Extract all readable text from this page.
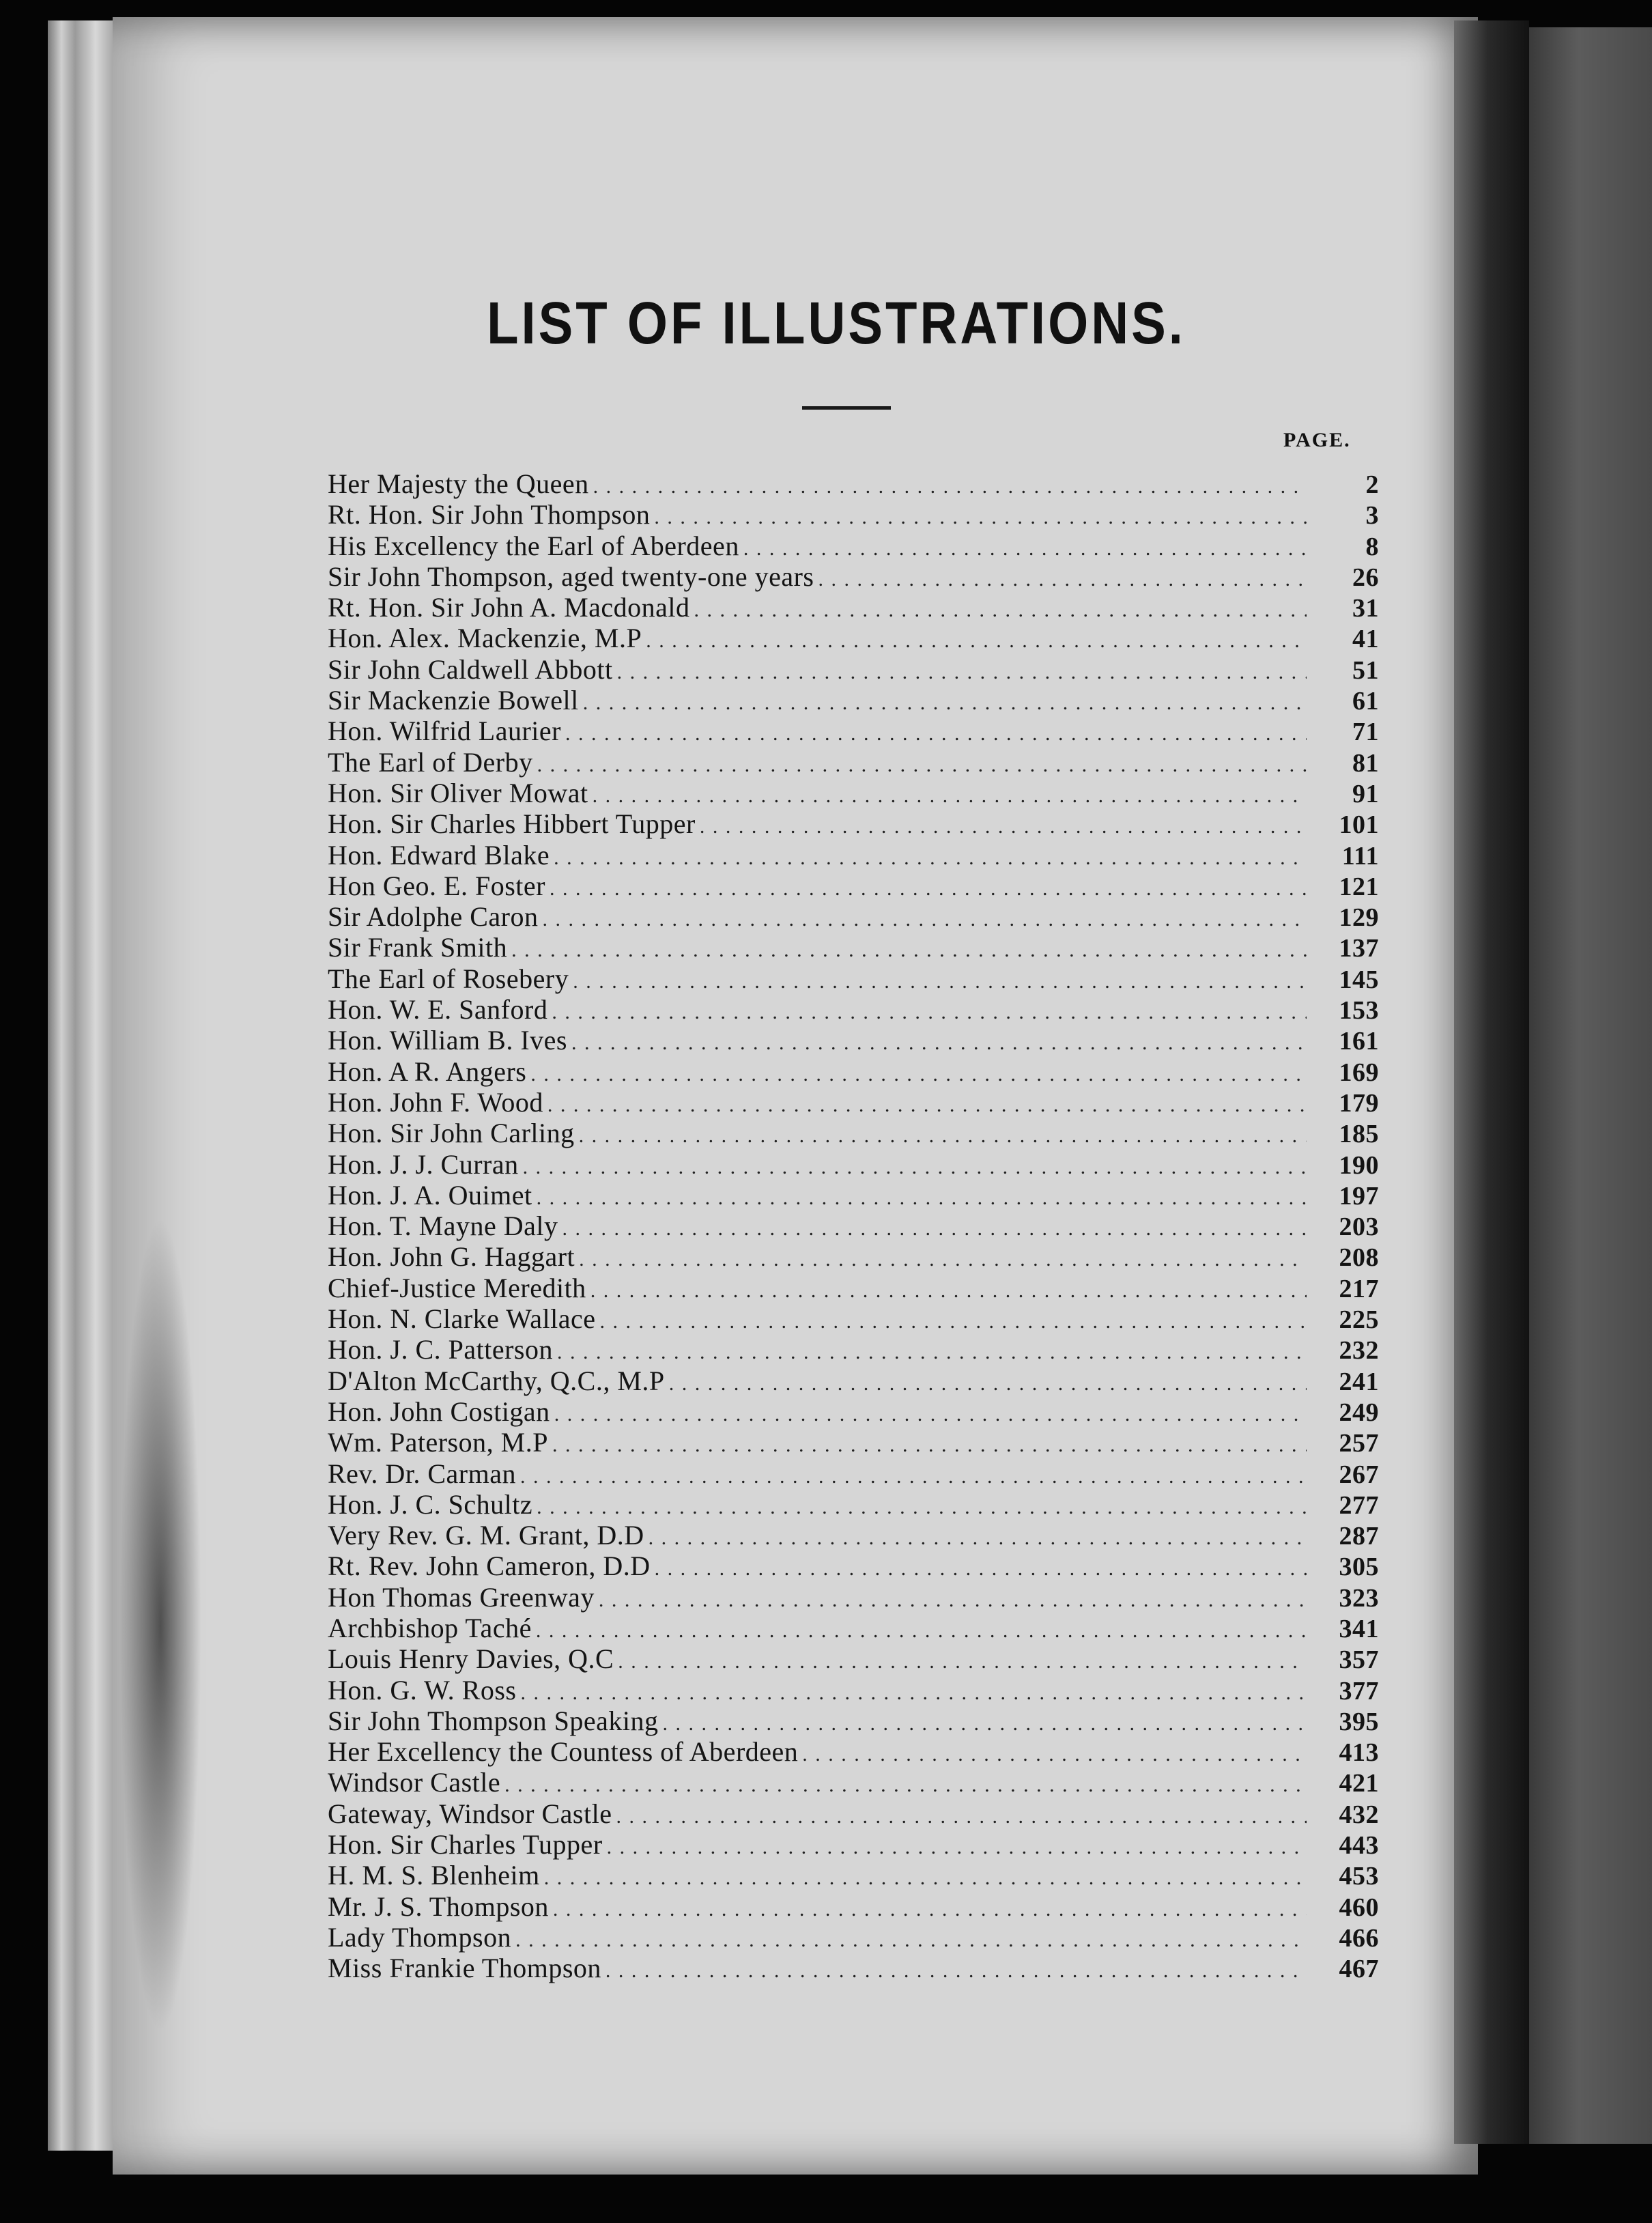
LIST OF ILLUSTRATIONS.
PAGE.
Her Majesty the Queen . . .	2
Rt. Hon. Sir John Thompson . . .	3
His Excellency the Earl of Aberdeen . . .	8
Sir John Thompson, aged twenty-one years . . .	26
Rt. Hon. Sir John A. Macdonald . . .	31
Hon. Alex. Mackenzie, M.P . . .	41
Sir John Caldwell Abbott . . .	51
Sir Mackenzie Bowell . . .	61
Hon. Wilfrid Laurier . . .	71
The Earl of Derby . . .	81
Hon. Sir Oliver Mowat . . .	91
Hon. Sir Charles Hibbert Tupper . . .	101
Hon. Edward Blake . . .	111
Hon Geo. E. Foster . . .	121
Sir Adolphe Caron . . .	129
Sir Frank Smith . . .	137
The Earl of Rosebery . . .	145
Hon. W. E. Sanford . . .	153
Hon. William B. Ives . . .	161
Hon. A R. Angers . . .	169
Hon. John F. Wood . . .	179
Hon. Sir John Carling . . .	185
Hon. J. J. Curran . . .	190
Hon. J. A. Ouimet . . .	197
Hon. T. Mayne Daly . . .	203
Hon. John G. Haggart . . .	208
Chief-Justice Meredith . . .	217
Hon. N. Clarke Wallace . . .	225
Hon. J. C. Patterson . . .	232
D'Alton McCarthy, Q.C., M.P . . .	241
Hon. John Costigan . . .	249
Wm. Paterson, M.P . . .	257
Rev. Dr. Carman . . .	267
Hon. J. C. Schultz . . .	277
Very Rev. G. M. Grant, D.D . . .	287
Rt. Rev. John Cameron, D.D . . .	305
Hon Thomas Greenway . . .	323
Archbishop Taché . . .	341
Louis Henry Davies, Q.C . . .	357
Hon. G. W. Ross . . .	377
Sir John Thompson Speaking . . .	395
Her Excellency the Countess of Aberdeen . . .	413
Windsor Castle . . .	421
Gateway, Windsor Castle . . .	432
Hon. Sir Charles Tupper . . .	443
H. M. S. Blenheim . . .	453
Mr. J. S. Thompson . . .	460
Lady Thompson . . .	466
Miss Frankie Thompson . . .	467
